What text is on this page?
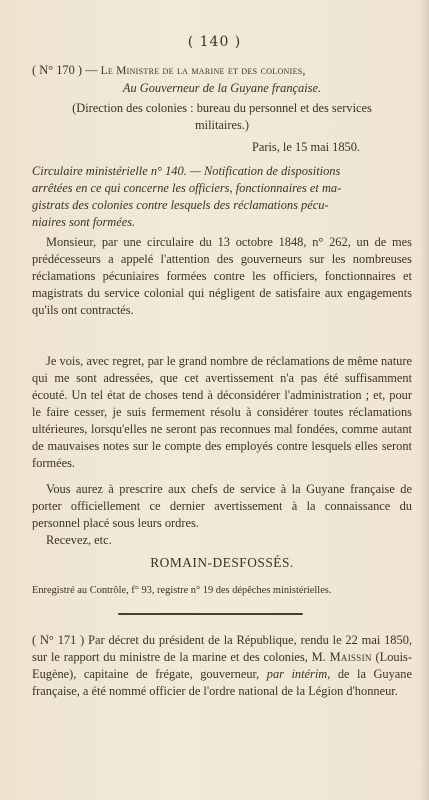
( 140 )
( N° 170 ) — Le Ministre de la marine et des colonies,
Au Gouverneur de la Guyane française.
(Direction des colonies : bureau du personnel et des services
militaires.)
Paris, le 15 mai 1850.
Circulaire ministérielle n° 140. — Notification de dispositions
arrêtées en ce qui concerne les officiers, fonctionnaires et ma-
gistrats des colonies contre lesquels des réclamations pécu-
niaires sont formées.
Monsieur, par une circulaire du 13 octobre 1848, n° 262, un de mes prédécesseurs a appelé l'attention des gouverneurs sur les nombreuses réclamations pécuniaires formées contre les officiers, fonctionnaires et magistrats du service colonial qui négligent de satisfaire aux engagements qu'ils ont contractés.
Je vois, avec regret, par le grand nombre de réclamations de même nature qui me sont adressées, que cet avertissement n'a pas été suffisamment écouté. Un tel état de choses tend à déconsidérer l'administration ; et, pour le faire cesser, je suis fermement résolu à considérer toutes réclamations ultérieures, lorsqu'elles ne seront pas reconnues mal fondées, comme autant de mauvaises notes sur le compte des employés contre lesquels elles seront formées.
Vous aurez à prescrire aux chefs de service à la Guyane française de porter officiellement ce dernier avertissement à la connaissance du personnel placé sous leurs ordres.
Recevez, etc.
ROMAIN-DESFOSSÉS.
Enregistré au Contrôle, f° 93, registre n° 19 des dépêches ministérielles.
( N° 171 ) Par décret du président de la République, rendu le 22 mai 1850, sur le rapport du ministre de la marine et des colonies, M. Maissin (Louis-Eugène), capitaine de frégate, gouverneur, par intérim, de la Guyane française, a été nommé officier de l'ordre national de la Légion d'honneur.
